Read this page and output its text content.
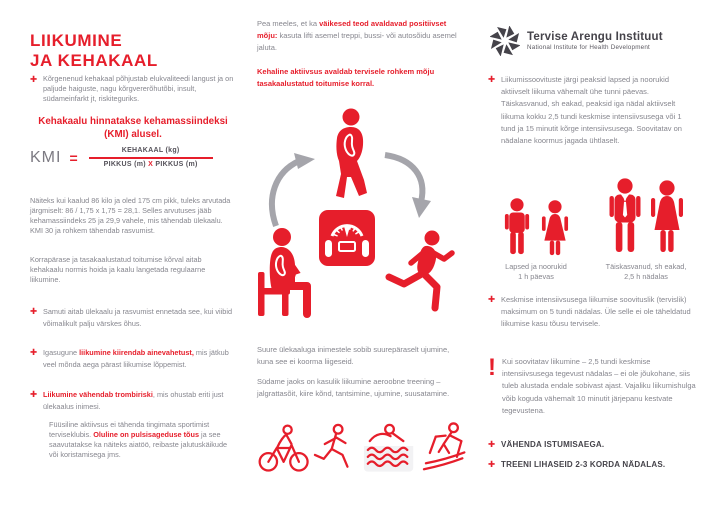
LIIKUMINE
JA KEHAKAAL
✚ Kõrgenenud kehakaal põhjustab elukvaliteedi langust ja on paljude haiguste, nagu kõrgvererõhutõbi, insult, südameinfarkt jt, riskiteguriks.

Kehakaalu hinnatakse kehamassiindeksi (KMI) alusel.
KMI = $\frac{\text{KEHAKAAL (kg)}}{\text{PIKKUS (m) X PIKKUS (m)}}$

Näiteks kui kaalud 86 kilo ja oled 175 cm pikk, tuleks arvutada järgmiselt: 86 / 1,75 x 1,75 = 28,1. Selles arvutuses jääb kehamassiindeks 25 ja 29,9 vahele, mis tähendab ülekaalu. KMI 30 ja rohkem tähendab rasvumist.

Korrapärase ja tasakaalustatud toitumise kõrval aitab kehakaalu normis hoida ja kaalu langetada regulaarne liikumine.

✚ Samuti aitab ülekaalu ja rasvumist ennetada see, kui viibid võimalikult palju värskes õhus.

✚ Igasugune liikumine kiirendab ainevahetust, mis jätkub veel mõnda aega pärast liikumise lõppemist.

✚ Liikumine vähendab trombiriski, mis ohustab eriti just ülekaalus inimesi.

Füüsiline aktiivsus ei tähenda tingimata sportimist terviseklubis. Oluline on pulsisageduse tõus ja see saavutatakse ka näiteks aiatöö, reibaste jalutuskäikude või koristamisega jms.

Pea meeles, et ka väikesed teod avaldavad positiivset mõju: kasuta lifti asemel treppi, bussi- või autosõidu asemel jaluta.

Kehaline aktiivsus avaldab tervisele rohkem mõju tasakaalustatud toitumise korral.

Suure ülekaaluga inimestele sobib suurepäraselt ujumine, kuna see ei koorma liigeseid.

Südame jaoks on kasulik liikumine aeroobne treening – jalgrattasõit, kiire kõnd, tantsimine, ujumine, suusatamine.

Tervise Arengu Instituut
National Institute for Health Development
✚ Liikumissoovituste järgi peaksid lapsed ja noorukid aktiivselt liikuma vähemalt ühe tunni päevas. Täiskasvanud, sh eakad, peaksid iga nädal aktiivselt liikuma kokku 2,5 tundi keskmise intensiivsusega või 1 tund ja 15 minutit kõrge intensiivsusega. Soovitatav on nädalane koormus jagada ühtlaselt.

Lapsed ja noorukid
1 h päevas
Täiskasvanud, sh eakad,
2,5 h nädalas
✚ Keskmise intensiivsusega liikumise soovituslik (tervislik) maksimum on 5 tundi nädalas. Üle selle ei ole täheldatud liikumise kasu tõusu tervisele.

! Kui soovitatav liikumine – 2,5 tundi keskmise intensiivsusega tegevust nädalas – ei ole jõukohane, siis tuleb alustada endale sobivast ajast. Vajaliku liikumishulga võib koguda vähemalt 10 minutit järjepanu kestvate tegevustena.

✚ VÄHENDA ISTUMISAEGA.

✚ TREENI LIHASEID 2-3 KORDA NÄDALAS.
